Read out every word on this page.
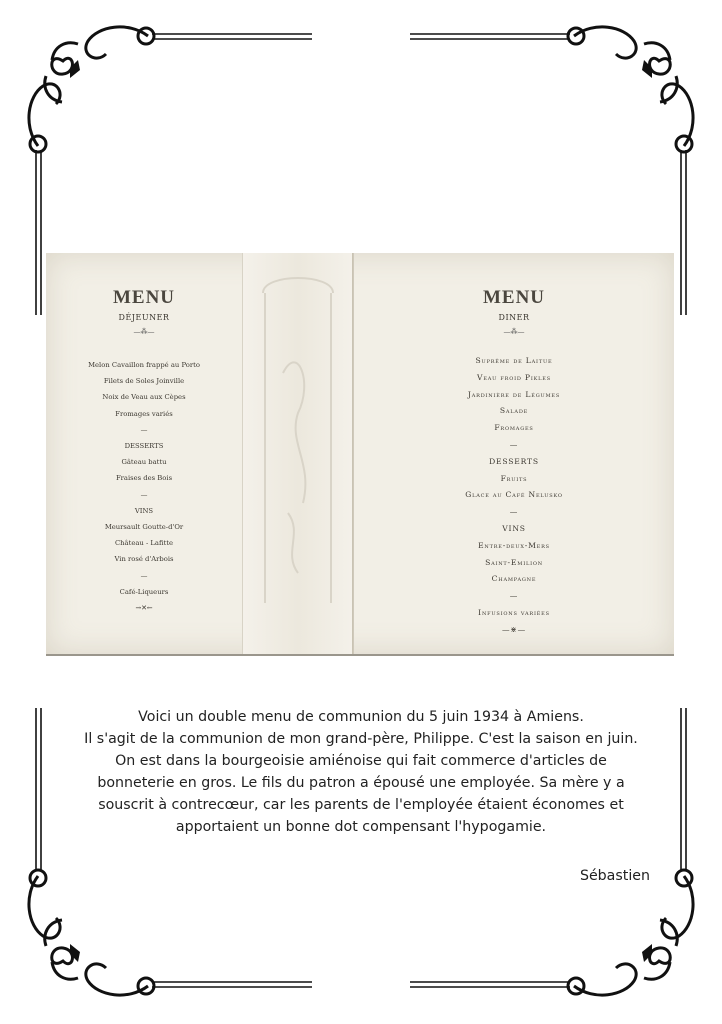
MENU
DÉJEUNER
—⁂—
Melon Cavaillon frappé au Porto
Filets de Soles Joinville
Noix de Veau aux Cèpes
Fromages variés
—
DESSERTS
Gâteau battu
Fraises des Bois
—
VINS
Meursault Goutte-d'Or
Château - Lafitte
Vin rosé d'Arbois
—
Café-Liqueurs
→✕←
MENU
DINER
—⁂—
Suprême de Laitue
Veau froid Pikles
Jardinière de Légumes
Salade
Fromages
—
DESSERTS
Fruits
Glace au Café Nelusko
—
VINS
Entre-deux-Mers
Saint-Emilion
Champagne
—
Infusions variées
—⋇—
Voici un double menu de communion du 5 juin 1934 à Amiens.
Il s'agit de la communion de mon grand-père, Philippe. C'est la saison en juin.
On est dans la bourgeoisie amiénoise qui fait commerce d'articles de
bonneterie en gros. Le fils du patron a épousé une employée. Sa mère y a
souscrit à contrecœur, car les parents de l'employée étaient économes et
apportaient un bonne dot compensant l'hypogamie.
Sébastien
